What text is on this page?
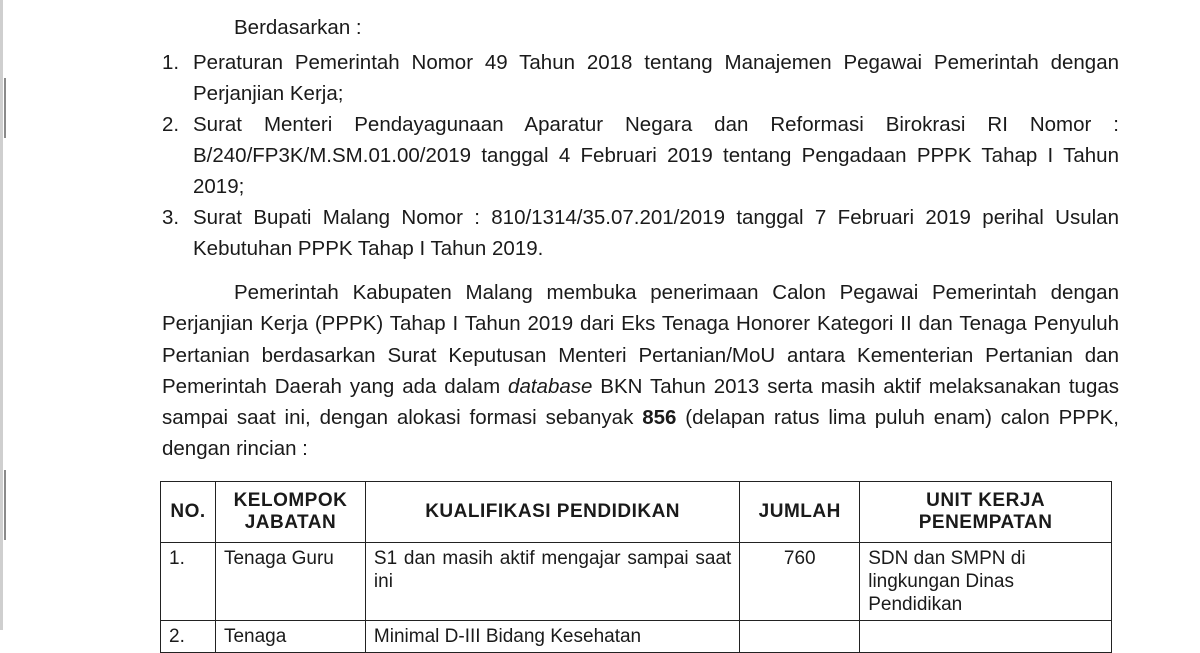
Berdasarkan :
1. Peraturan Pemerintah Nomor 49 Tahun 2018 tentang Manajemen Pegawai Pemerintah dengan Perjanjian Kerja;
2. Surat Menteri Pendayagunaan Aparatur Negara dan Reformasi Birokrasi RI Nomor : B/240/FP3K/M.SM.01.00/2019 tanggal 4 Februari 2019 tentang Pengadaan PPPK Tahap I Tahun 2019;
3. Surat Bupati Malang Nomor : 810/1314/35.07.201/2019 tanggal 7 Februari 2019 perihal Usulan Kebutuhan PPPK Tahap I Tahun 2019.
Pemerintah Kabupaten Malang membuka penerimaan Calon Pegawai Pemerintah dengan Perjanjian Kerja (PPPK) Tahap I Tahun 2019 dari Eks Tenaga Honorer Kategori II dan Tenaga Penyuluh Pertanian berdasarkan Surat Keputusan Menteri Pertanian/MoU antara Kementerian Pertanian dan Pemerintah Daerah yang ada dalam database BKN Tahun 2013 serta masih aktif melaksanakan tugas sampai saat ini, dengan alokasi formasi sebanyak 856 (delapan ratus lima puluh enam) calon PPPK, dengan rincian :
NO.	KELOMPOK JABATAN	KUALIFIKASI PENDIDIKAN	JUMLAH	UNIT KERJA PENEMPATAN
1.	Tenaga Guru	S1 dan masih aktif mengajar sampai saat ini	760	SDN dan SMPN di lingkungan Dinas Pendidikan
2.	Tenaga	Minimal D-III Bidang Kesehatan		
